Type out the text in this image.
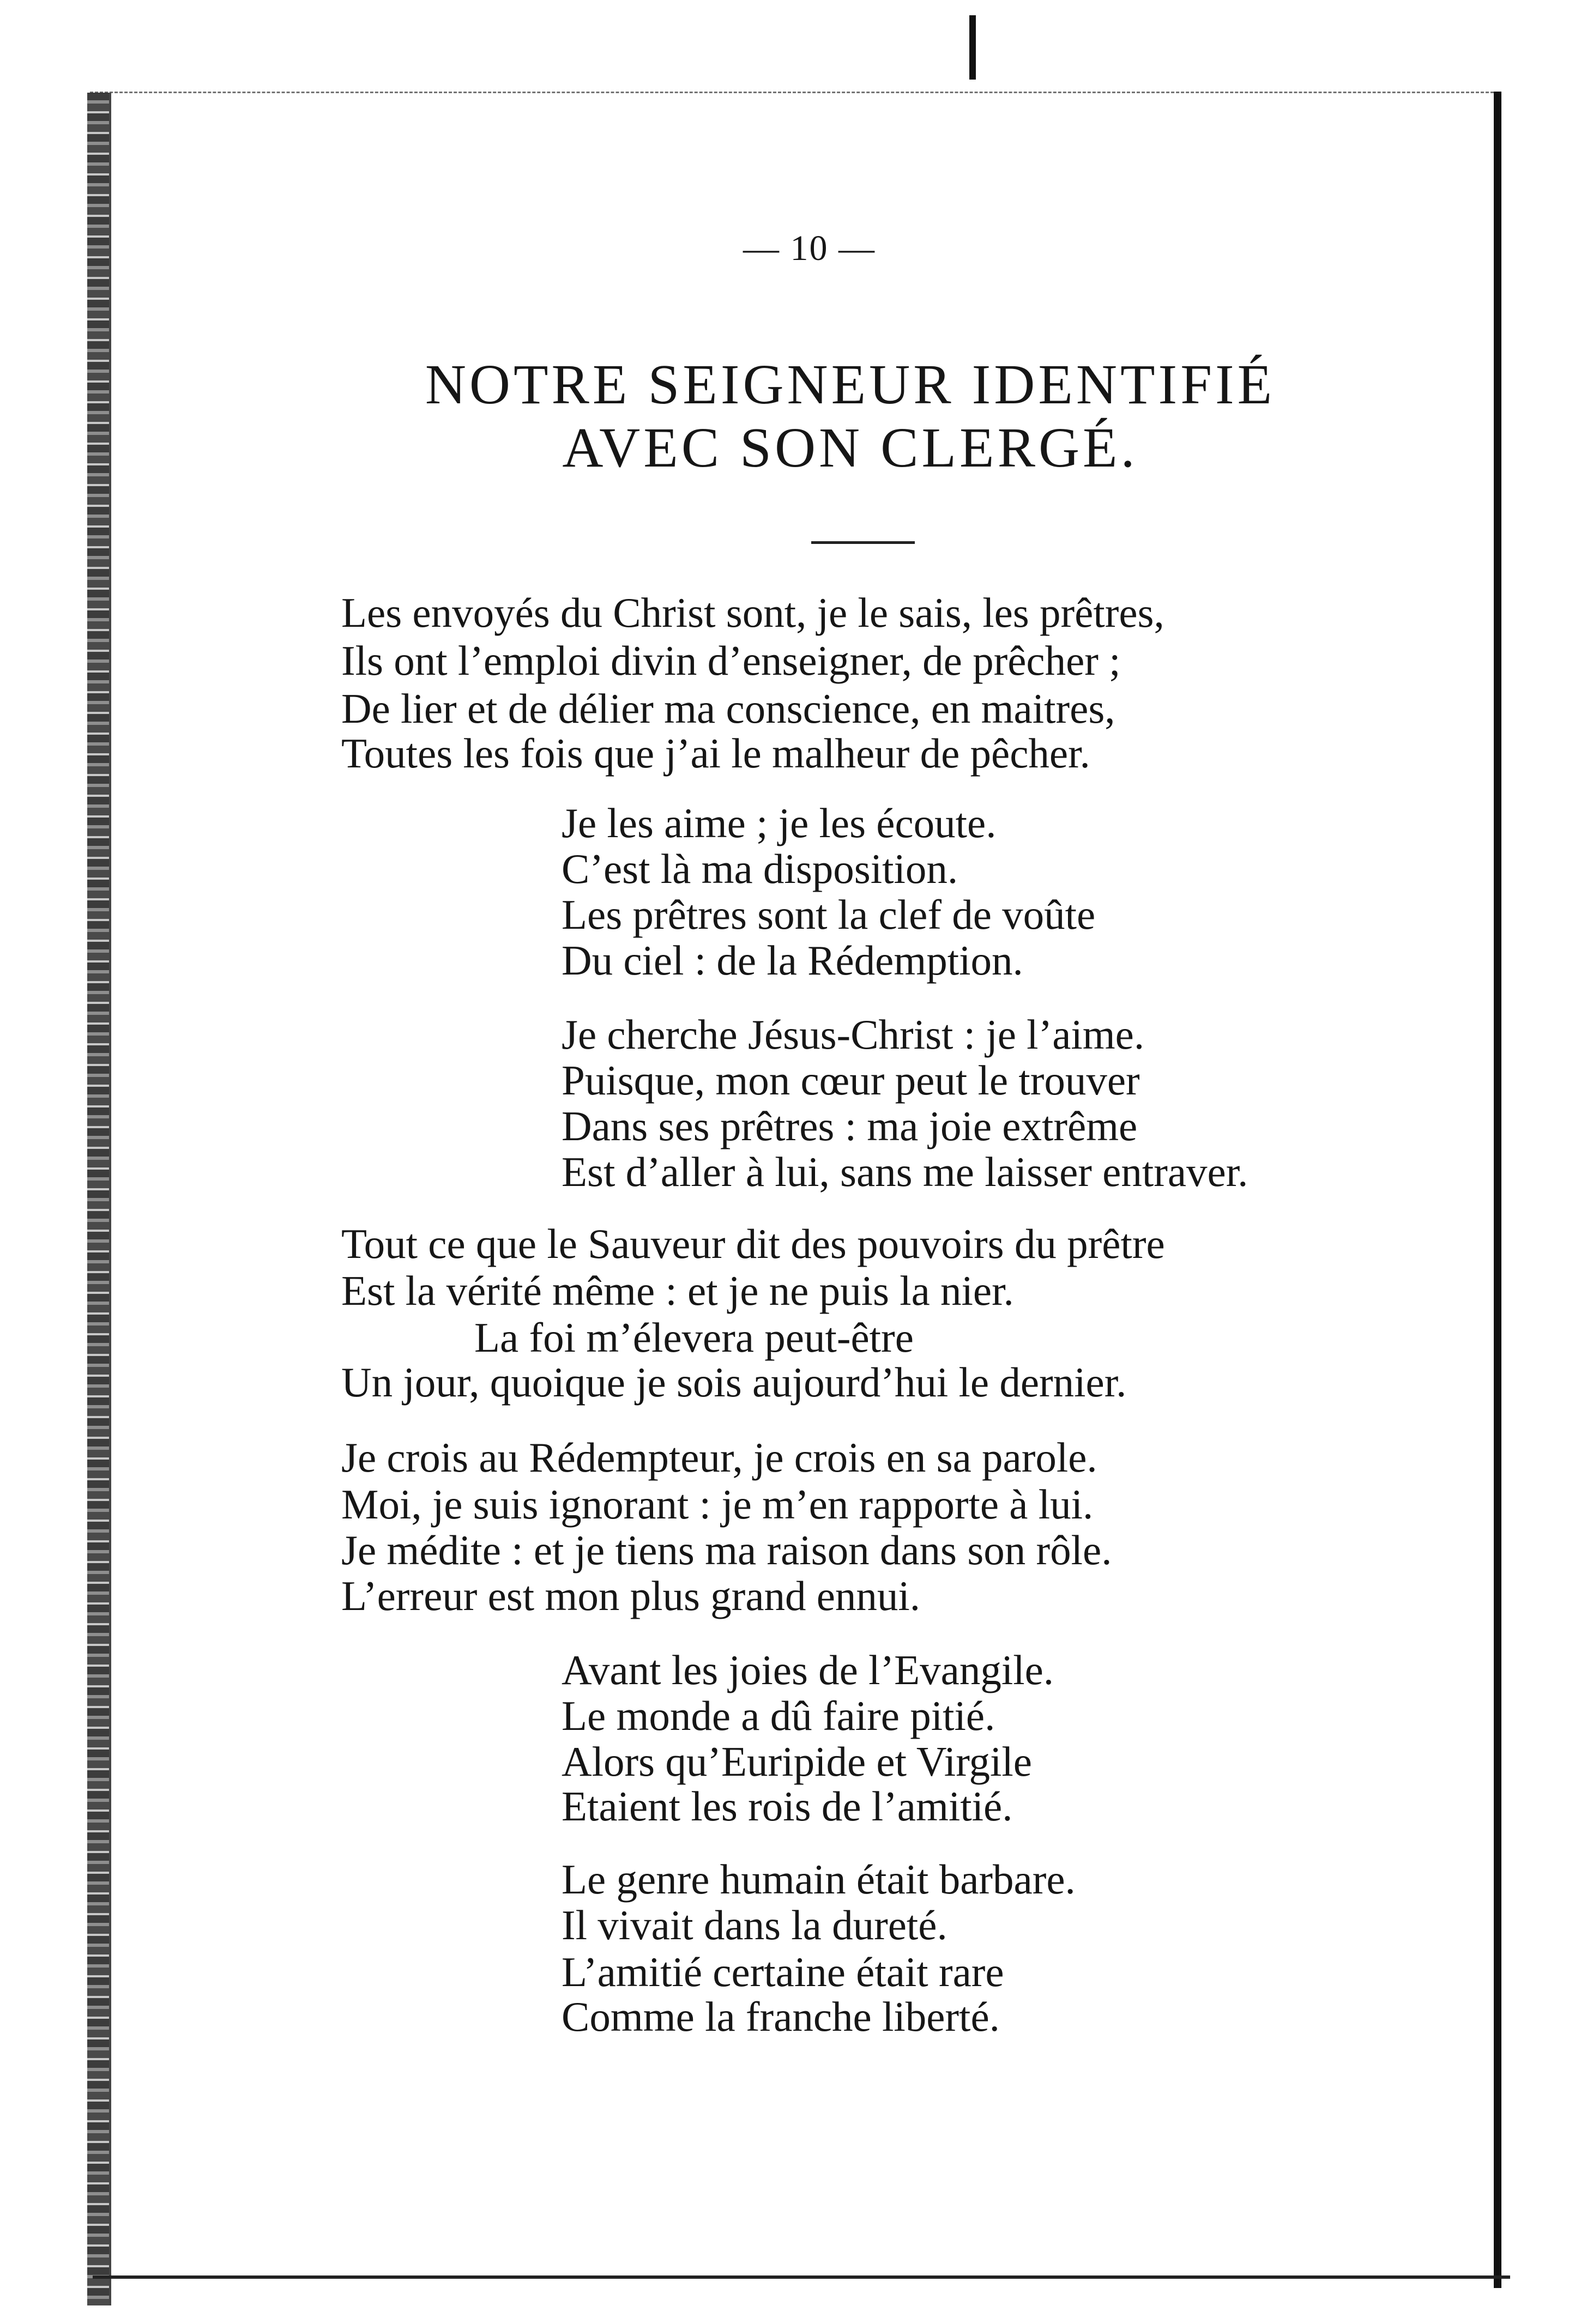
— 10 —
NOTRE SEIGNEUR IDENTIFIÉ
AVEC SON CLERGÉ.
Les envoyés du Christ sont, je le sais, les prêtres,
Ils ont l’emploi divin d’enseigner, de prêcher ;
De lier et de délier ma conscience, en maitres,
Toutes les fois que j’ai le malheur de pêcher.
Je les aime ; je les écoute.
C’est là ma disposition.
Les prêtres sont la clef de voûte
Du ciel : de la Rédemption.
Je cherche Jésus-Christ : je l’aime.
Puisque, mon cœur peut le trouver
Dans ses prêtres : ma joie extrême
Est d’aller à lui, sans me laisser entraver.
Tout ce que le Sauveur dit des pouvoirs du prêtre
Est la vérité même : et je ne puis la nier.
La foi m’élevera peut-être
Un jour, quoique je sois aujourd’hui le dernier.
Je crois au Rédempteur, je crois en sa parole.
Moi, je suis ignorant : je m’en rapporte à lui.
Je médite : et je tiens ma raison dans son rôle.
L’erreur est mon plus grand ennui.
Avant les joies de l’Evangile.
Le monde a dû faire pitié.
Alors qu’Euripide et Virgile
Etaient les rois de l’amitié.
Le genre humain était barbare.
Il vivait dans la dureté.
L’amitié certaine était rare
Comme la franche liberté.
